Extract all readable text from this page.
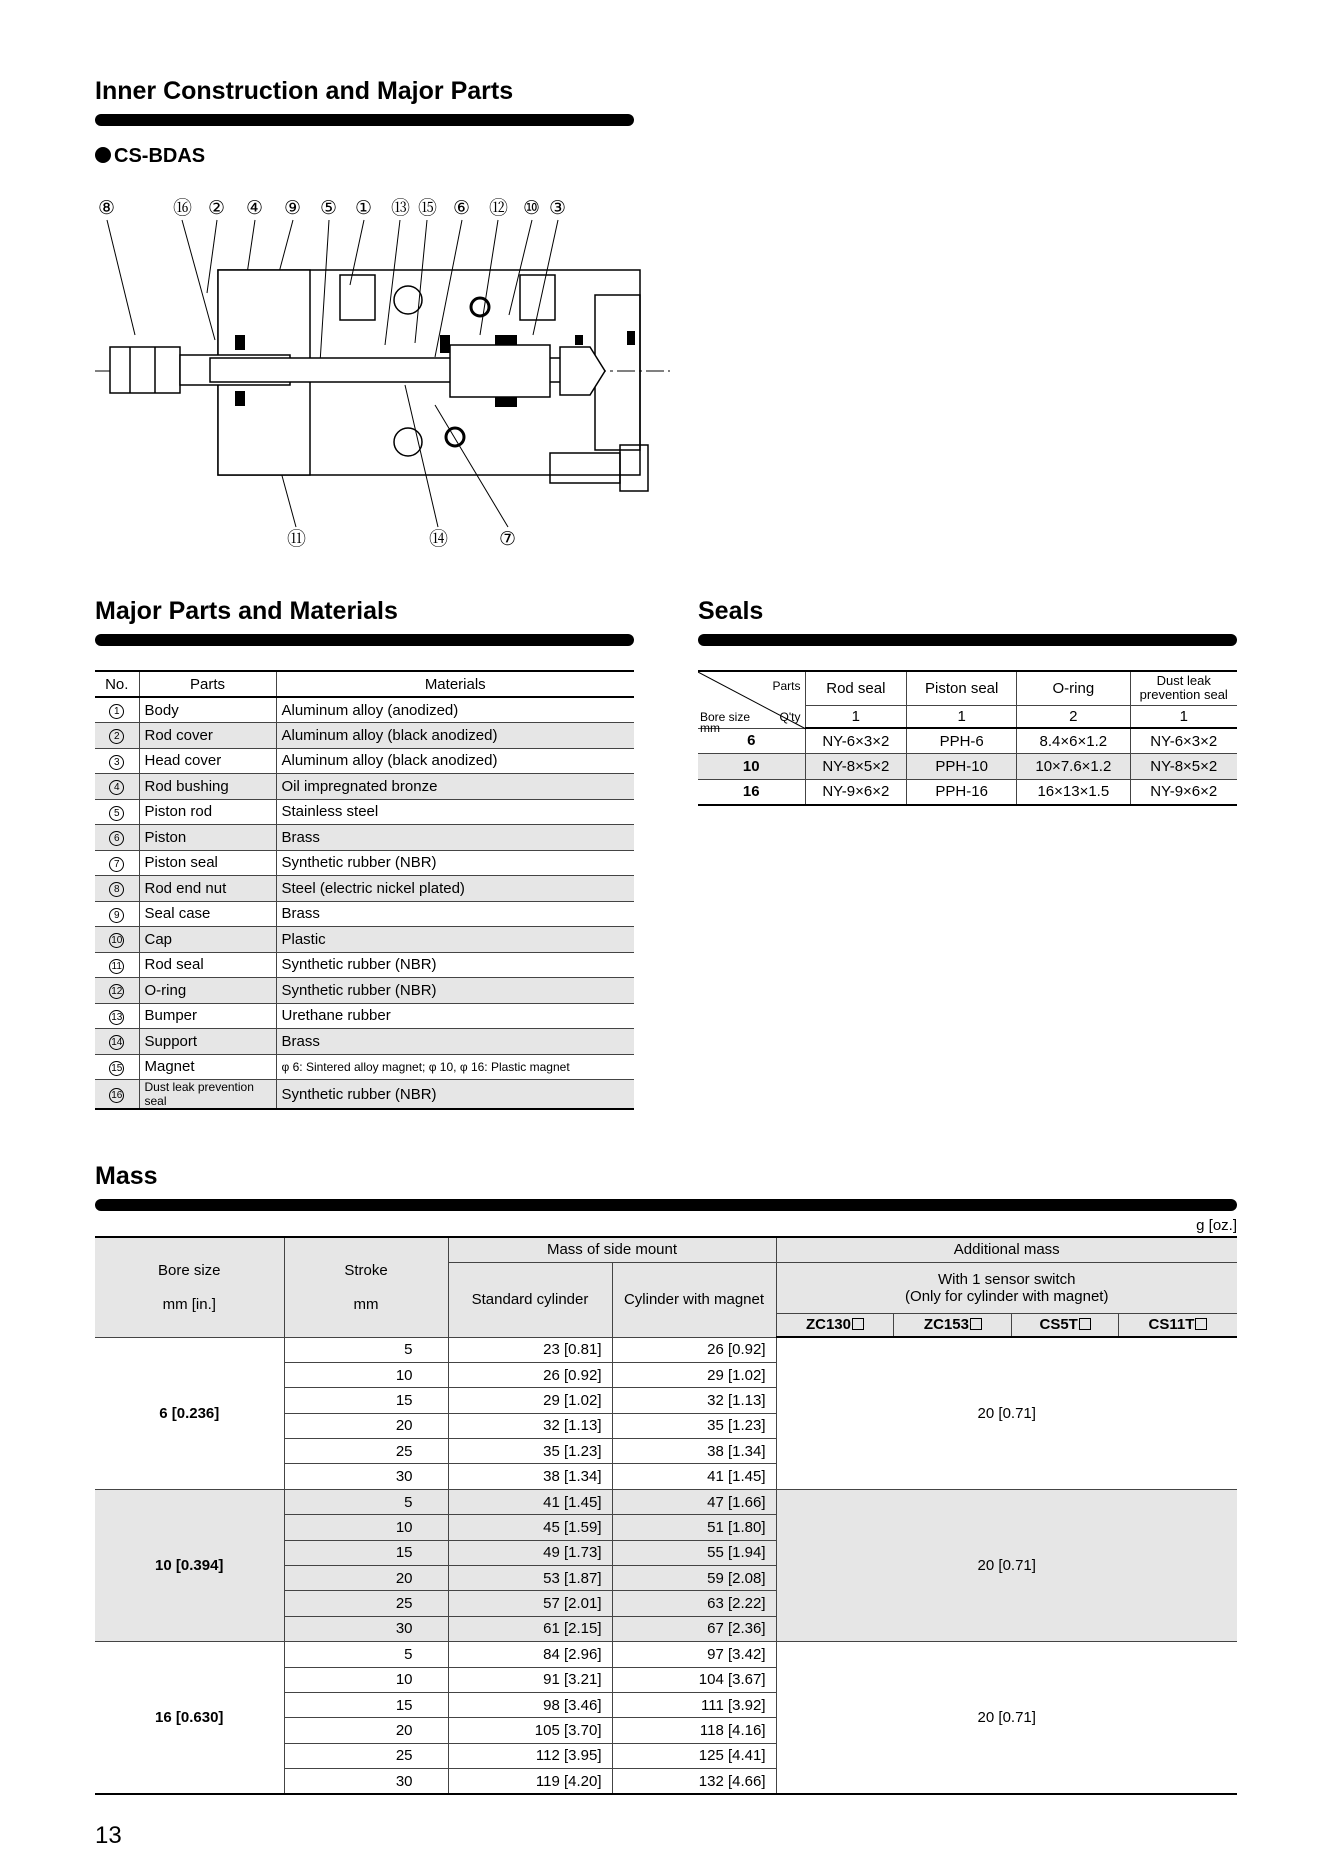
Inner Construction and Major Parts
CS-BDAS
⑧	⑯ ② ④ ⑨ ⑤ ① ⑬ ⑮ ⑥ ⑫ ⑩ ③
⑪	⑭	⑦
Major Parts and Materials
No.	Parts	Materials
1	Body	Aluminum alloy (anodized)
2	Rod cover	Aluminum alloy (black anodized)
3	Head cover	Aluminum alloy (black anodized)
4	Rod bushing	Oil impregnated bronze
5	Piston rod	Stainless steel
6	Piston	Brass
7	Piston seal	Synthetic rubber (NBR)
8	Rod end nut	Steel (electric nickel plated)
9	Seal case	Brass
10	Cap	Plastic
11	Rod seal	Synthetic rubber (NBR)
12	O-ring	Synthetic rubber (NBR)
13	Bumper	Urethane rubber
14	Support	Brass
15	Magnet	φ 6: Sintered alloy magnet; φ 10, φ 16: Plastic magnet
16	Dust leak prevention seal	Synthetic rubber (NBR)
Seals
Parts
Q'ty
Bore size
mm	Rod seal	Piston seal	O-ring	Dust leak prevention seal
	1	1	2	1
6	NY-6×3×2	PPH-6	8.4×6×1.2	NY-6×3×2
10	NY-8×5×2	PPH-10	10×7.6×1.2	NY-8×5×2
16	NY-9×6×2	PPH-16	16×13×1.5	NY-9×6×2
Mass
g [oz.]
Bore size

mm [in.]	Stroke

mm	Mass of side mount		Additional mass			
		Standard cylinder	Cylinder with magnet	With 1 sensor switch
(Only for cylinder with magnet)			
				ZC130	ZC153	CS5T	CS11T
6 [0.236]	5	23 [0.81]	26 [0.92]	20 [0.71]			
	10	26 [0.92]	29 [1.02]				
	15	29 [1.02]	32 [1.13]				
	20	32 [1.13]	35 [1.23]				
	25	35 [1.23]	38 [1.34]				
	30	38 [1.34]	41 [1.45]				
10 [0.394]	5	41 [1.45]	47 [1.66]	20 [0.71]			
	10	45 [1.59]	51 [1.80]				
	15	49 [1.73]	55 [1.94]				
	20	53 [1.87]	59 [2.08]				
	25	57 [2.01]	63 [2.22]				
	30	61 [2.15]	67 [2.36]				
16 [0.630]	5	84 [2.96]	97 [3.42]	20 [0.71]			
	10	91 [3.21]	104 [3.67]				
	15	98 [3.46]	111 [3.92]				
	20	105 [3.70]	118 [4.16]				
	25	112 [3.95]	125 [4.41]				
	30	119 [4.20]	132 [4.66]				
13
